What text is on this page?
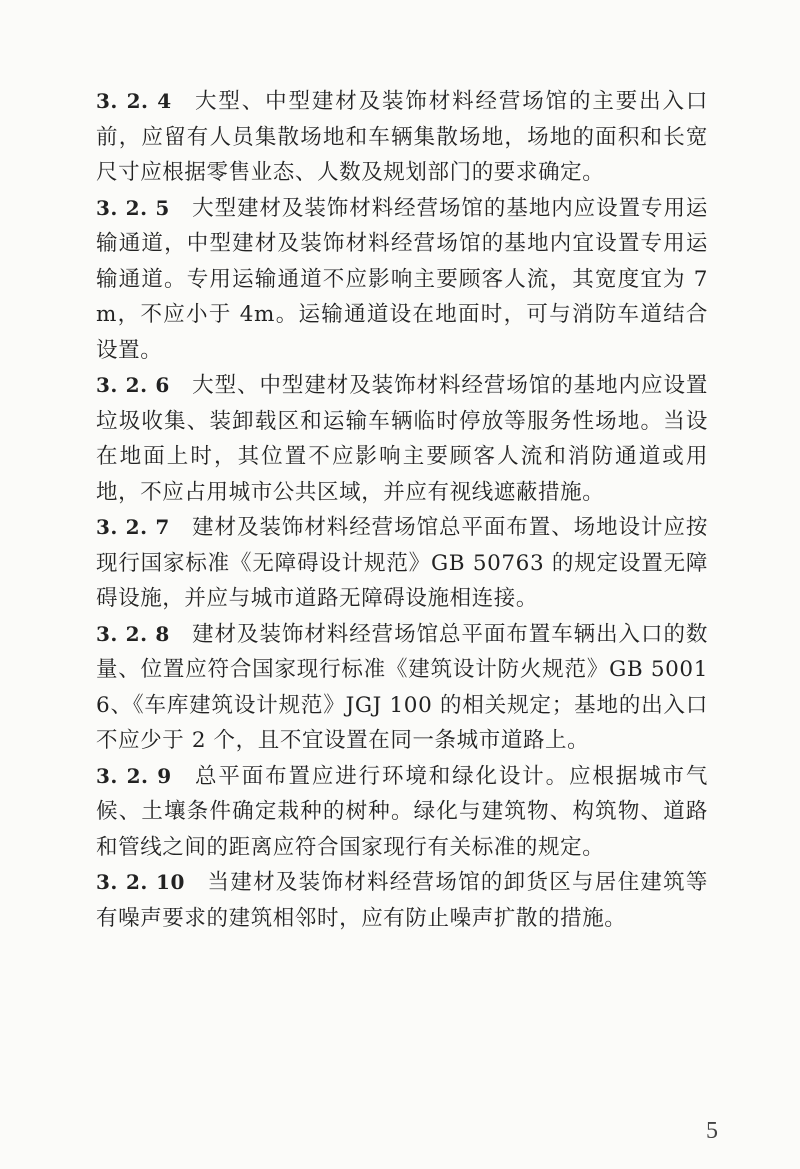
3. 2. 4 大型、中型建材及装饰材料经营场馆的主要出入口前，应留有人员集散场地和车辆集散场地，场地的面积和长宽尺寸应根据零售业态、人数及规划部门的要求确定。

3. 2. 5 大型建材及装饰材料经营场馆的基地内应设置专用运输通道，中型建材及装饰材料经营场馆的基地内宜设置专用运输通道。专用运输通道不应影响主要顾客人流，其宽度宜为 7m，不应小于 4m。运输通道设在地面时，可与消防车道结合设置。

3. 2. 6 大型、中型建材及装饰材料经营场馆的基地内应设置垃圾收集、装卸载区和运输车辆临时停放等服务性场地。当设在地面上时，其位置不应影响主要顾客人流和消防通道或用地，不应占用城市公共区域，并应有视线遮蔽措施。

3. 2. 7 建材及装饰材料经营场馆总平面布置、场地设计应按现行国家标准《无障碍设计规范》GB 50763 的规定设置无障碍设施，并应与城市道路无障碍设施相连接。

3. 2. 8 建材及装饰材料经营场馆总平面布置车辆出入口的数量、位置应符合国家现行标准《建筑设计防火规范》GB 50016、《车库建筑设计规范》JGJ 100 的相关规定；基地的出入口不应少于 2 个，且不宜设置在同一条城市道路上。

3. 2. 9 总平面布置应进行环境和绿化设计。应根据城市气候、土壤条件确定栽种的树种。绿化与建筑物、构筑物、道路和管线之间的距离应符合国家现行有关标准的规定。

3. 2. 10 当建材及装饰材料经营场馆的卸货区与居住建筑等有噪声要求的建筑相邻时，应有防止噪声扩散的措施。

5
